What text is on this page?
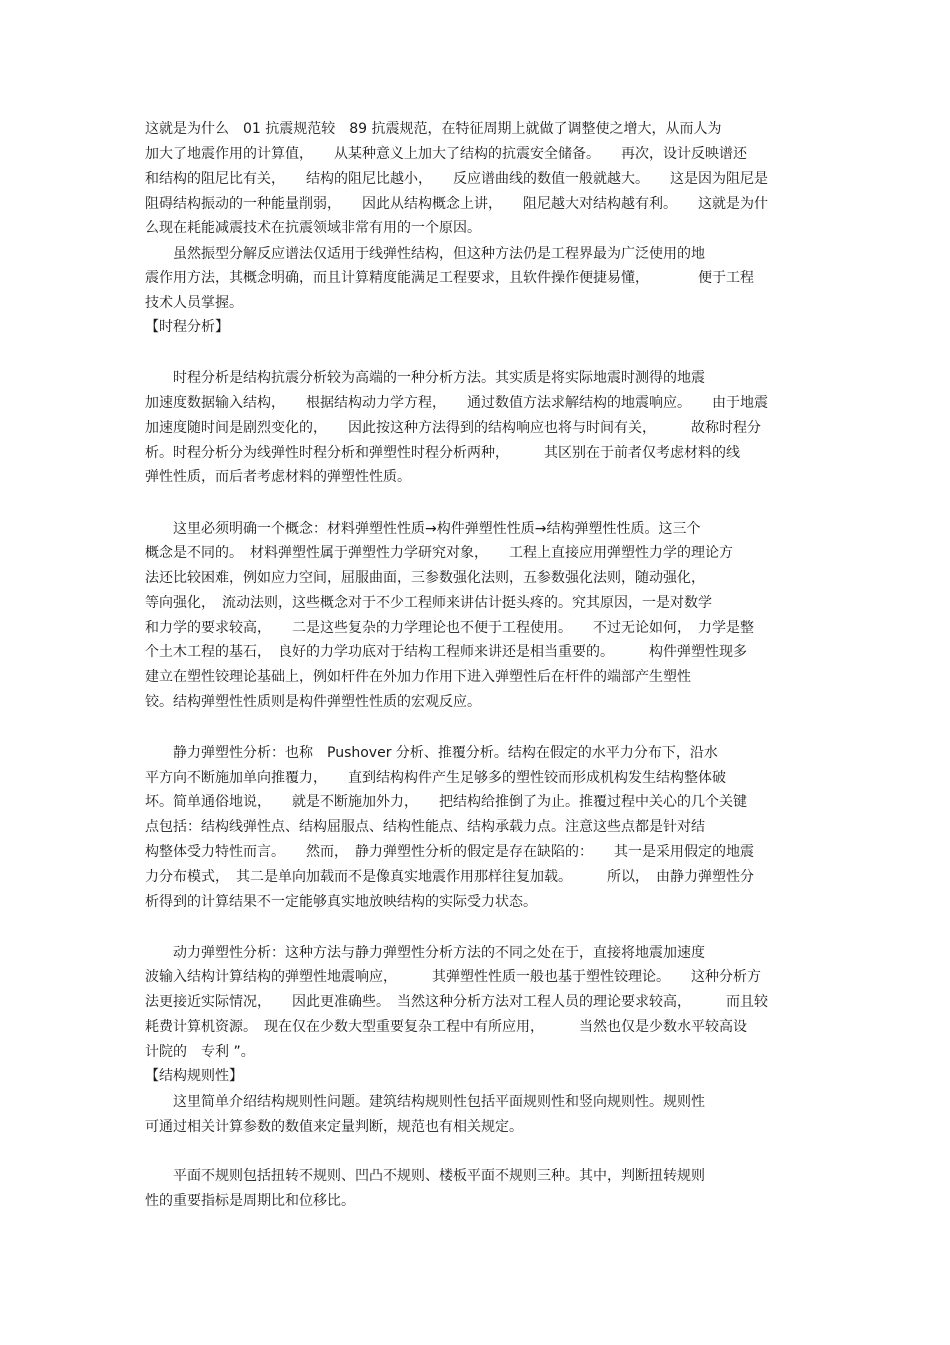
这就是为什么　01 抗震规范较　89 抗震规范，在特征周期上就做了调整使之增大，从而人为
加大了地震作用的计算值，　　从某种意义上加大了结构的抗震安全储备。　　再次，设计反映谱还
和结构的阻尼比有关，　　结构的阻尼比越小，　　反应谱曲线的数值一般就越大。　　这是因为阻尼是
阻碍结构振动的一种能量削弱，　　因此从结构概念上讲，　　阻尼越大对结构越有利。　　这就是为什
么现在耗能减震技术在抗震领域非常有用的一个原因。
　　虽然振型分解反应谱法仅适用于线弹性结构，但这种方法仍是工程界最为广泛使用的地
震作用方法，其概念明确，而且计算精度能满足工程要求，且软件操作便捷易懂，　　　　便于工程
技术人员掌握。
【时程分析】
　　时程分析是结构抗震分析较为高端的一种分析方法。其实质是将实际地震时测得的地震
加速度数据输入结构，　　根据结构动力学方程，　　通过数值方法求解结构的地震响应。　　由于地震
加速度随时间是剧烈变化的，　　因此按这种方法得到的结构响应也将与时间有关，　　　故称时程分
析。时程分析分为线弹性时程分析和弹塑性时程分析两种，　　　其区别在于前者仅考虑材料的线
弹性性质，而后者考虑材料的弹塑性性质。
　　这里必须明确一个概念：材料弹塑性性质→构件弹塑性性质→结构弹塑性性质。这三个
概念是不同的。　材料弹塑性属于弹塑性力学研究对象，　　工程上直接应用弹塑性力学的理论方
法还比较困难，例如应力空间，屈服曲面，三参数强化法则，五参数强化法则，随动强化，
等向强化，　流动法则，这些概念对于不少工程师来讲估计挺头疼的。究其原因，一是对数学
和力学的要求较高，　　二是这些复杂的力学理论也不便于工程使用。　　不过无论如何，　力学是整
个土木工程的基石，　良好的力学功底对于结构工程师来讲还是相当重要的。　　　构件弹塑性现多
建立在塑性铰理论基础上，例如杆件在外加力作用下进入弹塑性后在杆件的端部产生塑性
铰。结构弹塑性性质则是构件弹塑性性质的宏观反应。
　　静力弹塑性分析：也称　Pushover 分析、推覆分析。结构在假定的水平力分布下，沿水
平方向不断施加单向推覆力，　　直到结构构件产生足够多的塑性铰而形成机构发生结构整体破
坏。简单通俗地说，　　就是不断施加外力，　　把结构给推倒了为止。推覆过程中关心的几个关键
点包括：结构线弹性点、结构屈服点、结构性能点、结构承载力点。注意这些点都是针对结
构整体受力特性而言。　　然而，　静力弹塑性分析的假定是存在缺陷的：　　其一是采用假定的地震
力分布模式，　其二是单向加载而不是像真实地震作用那样往复加载。　　　所以，　由静力弹塑性分
析得到的计算结果不一定能够真实地放映结构的实际受力状态。
　　动力弹塑性分析：这种方法与静力弹塑性分析方法的不同之处在于，直接将地震加速度
波输入结构计算结构的弹塑性地震响应，　　　其弹塑性性质一般也基于塑性铰理论。　　这种分析方
法更接近实际情况，　　因此更准确些。　当然这种分析方法对工程人员的理论要求较高，　　　而且较
耗费计算机资源。　现在仅在少数大型重要复杂工程中有所应用，　　　当然也仅是少数水平较高设
计院的　专利 ”。
【结构规则性】
　　这里简单介绍结构规则性问题。建筑结构规则性包括平面规则性和竖向规则性。规则性
可通过相关计算参数的数值来定量判断，规范也有相关规定。
　　平面不规则包括扭转不规则、凹凸不规则、楼板平面不规则三种。其中，判断扭转规则
性的重要指标是周期比和位移比。
